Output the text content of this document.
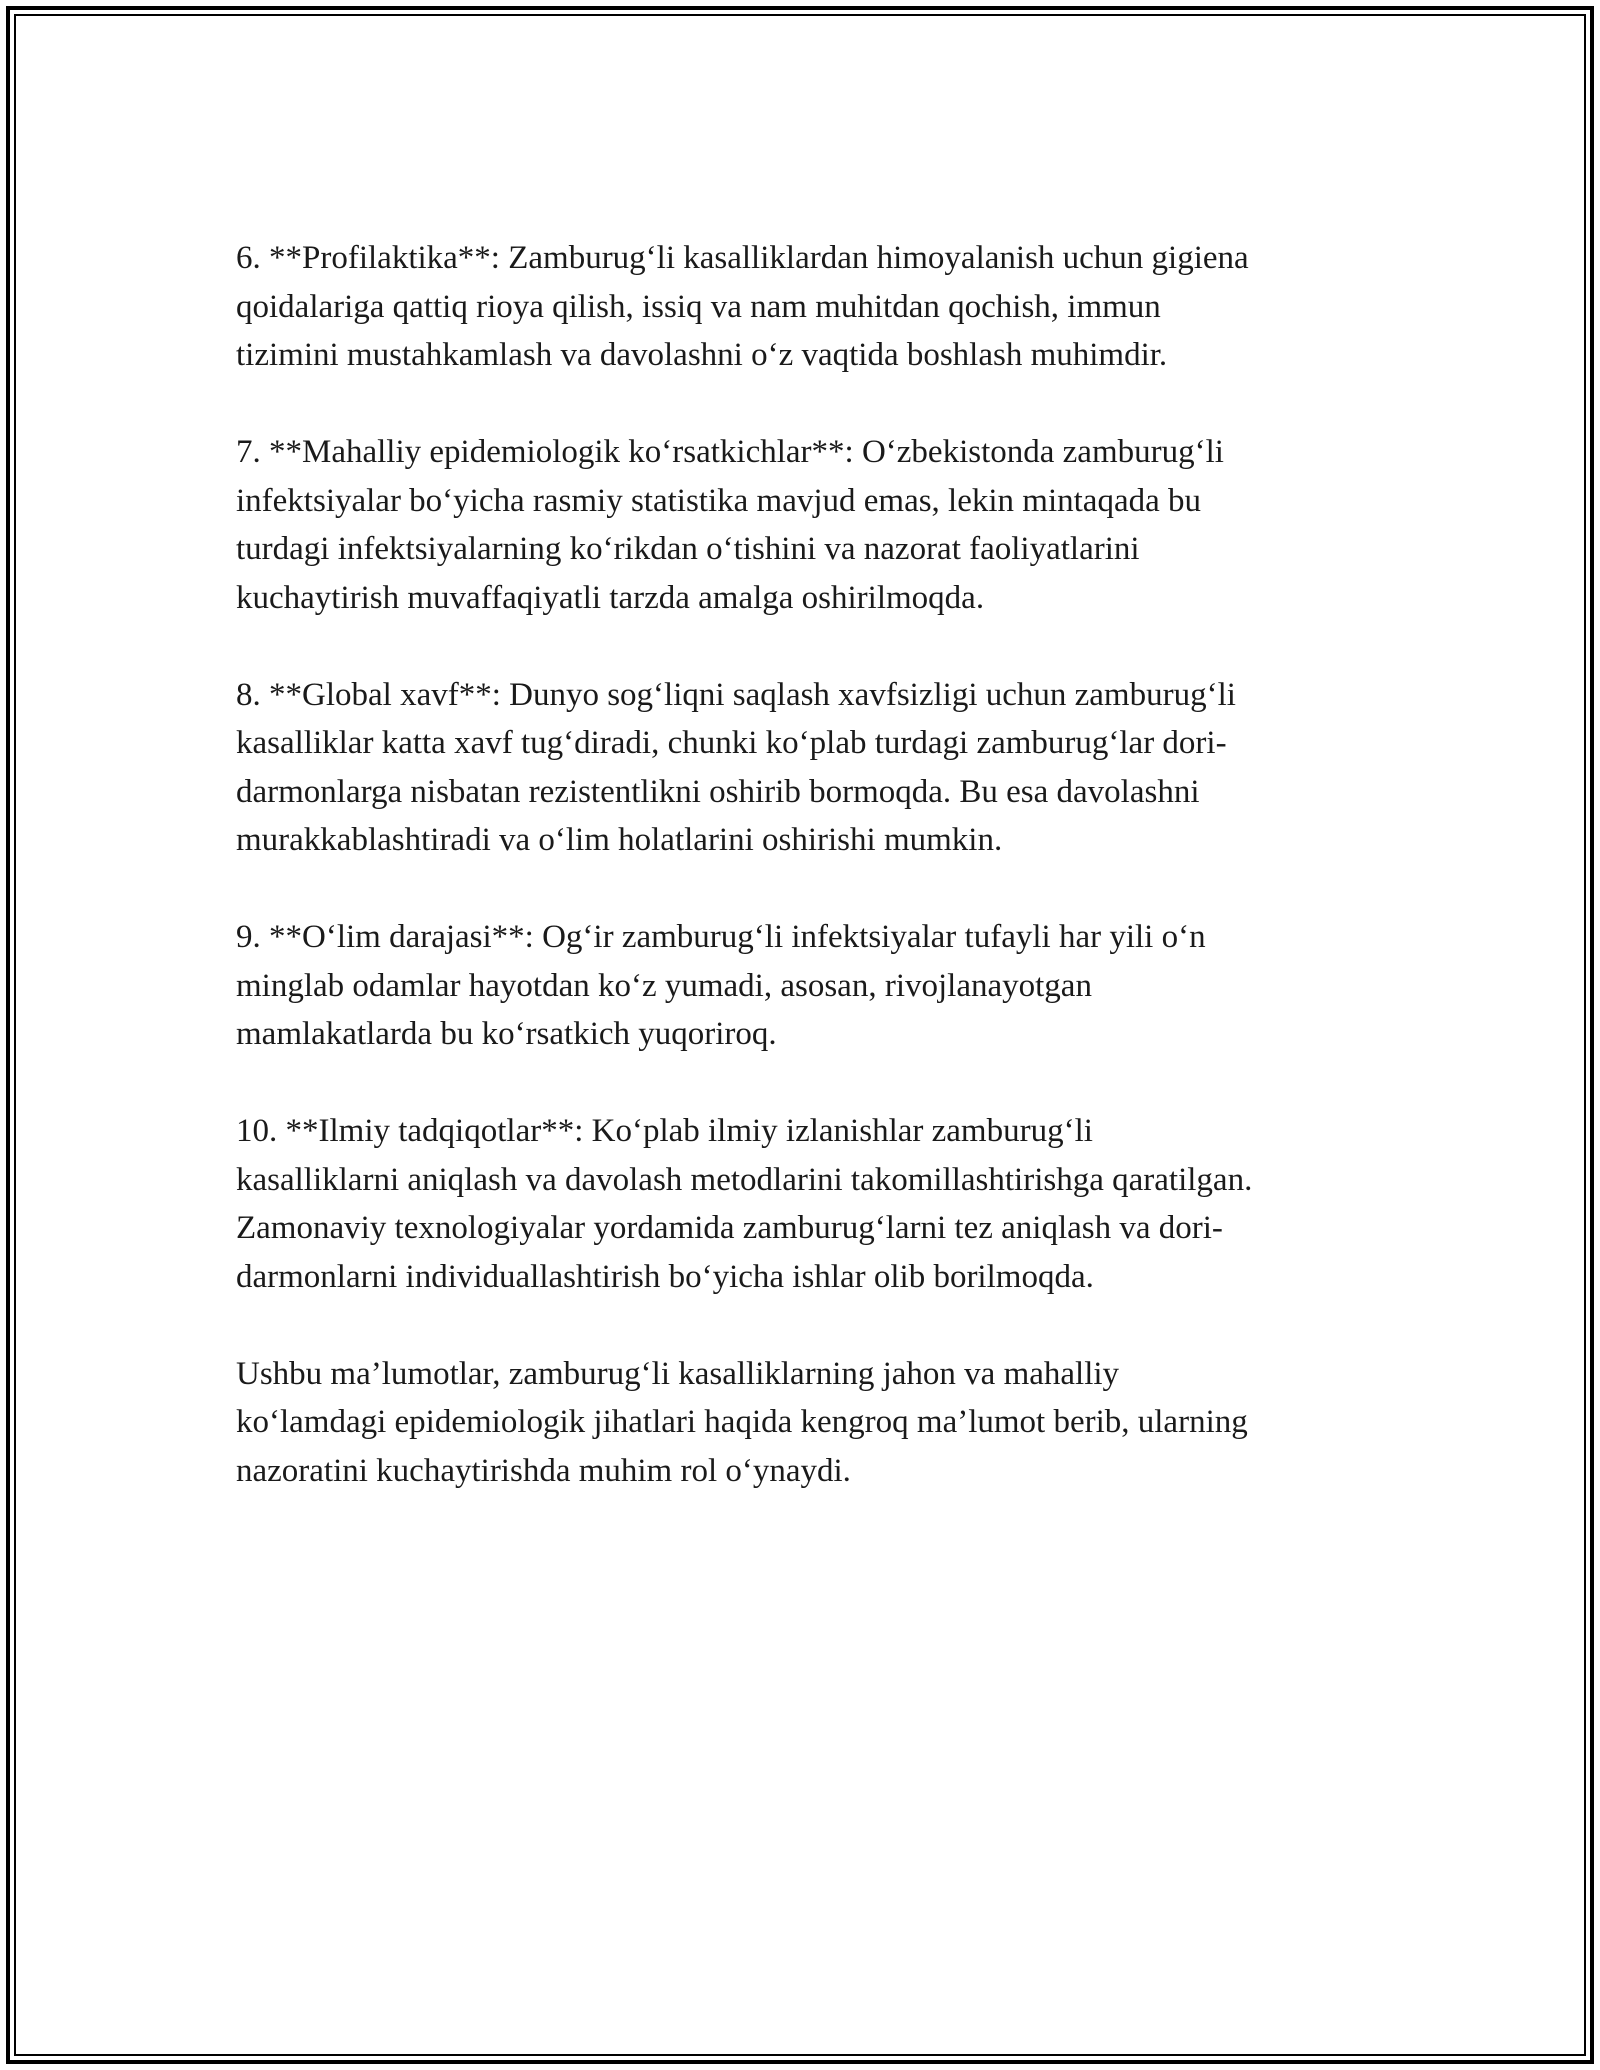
6. **Profilaktika**: Zamburug‘li kasalliklardan himoyalanish uchun gigiena
qoidalariga qattiq rioya qilish, issiq va nam muhitdan qochish, immun
tizimini mustahkamlash va davolashni o‘z vaqtida boshlash muhimdir.

7. **Mahalliy epidemiologik ko‘rsatkichlar**: O‘zbekistonda zamburug‘li
infektsiyalar bo‘yicha rasmiy statistika mavjud emas, lekin mintaqada bu
turdagi infektsiyalarning ko‘rikdan o‘tishini va nazorat faoliyatlarini
kuchaytirish muvaffaqiyatli tarzda amalga oshirilmoqda.

8. **Global xavf**: Dunyo sog‘liqni saqlash xavfsizligi uchun zamburug‘li
kasalliklar katta xavf tug‘diradi, chunki ko‘plab turdagi zamburug‘lar dori-
darmonlarga nisbatan rezistentlikni oshirib bormoqda. Bu esa davolashni
murakkablashtiradi va o‘lim holatlarini oshirishi mumkin.

9. **O‘lim darajasi**: Og‘ir zamburug‘li infektsiyalar tufayli har yili o‘n
minglab odamlar hayotdan ko‘z yumadi, asosan, rivojlanayotgan
mamlakatlarda bu ko‘rsatkich yuqoriroq.

10. **Ilmiy tadqiqotlar**: Ko‘plab ilmiy izlanishlar zamburug‘li
kasalliklarni aniqlash va davolash metodlarini takomillashtirishga qaratilgan.
Zamonaviy texnologiyalar yordamida zamburug‘larni tez aniqlash va dori-
darmonlarni individuallashtirish bo‘yicha ishlar olib borilmoqda.

Ushbu ma’lumotlar, zamburug‘li kasalliklarning jahon va mahalliy
ko‘lamdagi epidemiologik jihatlari haqida kengroq ma’lumot berib, ularning
nazoratini kuchaytirishda muhim rol o‘ynaydi.
